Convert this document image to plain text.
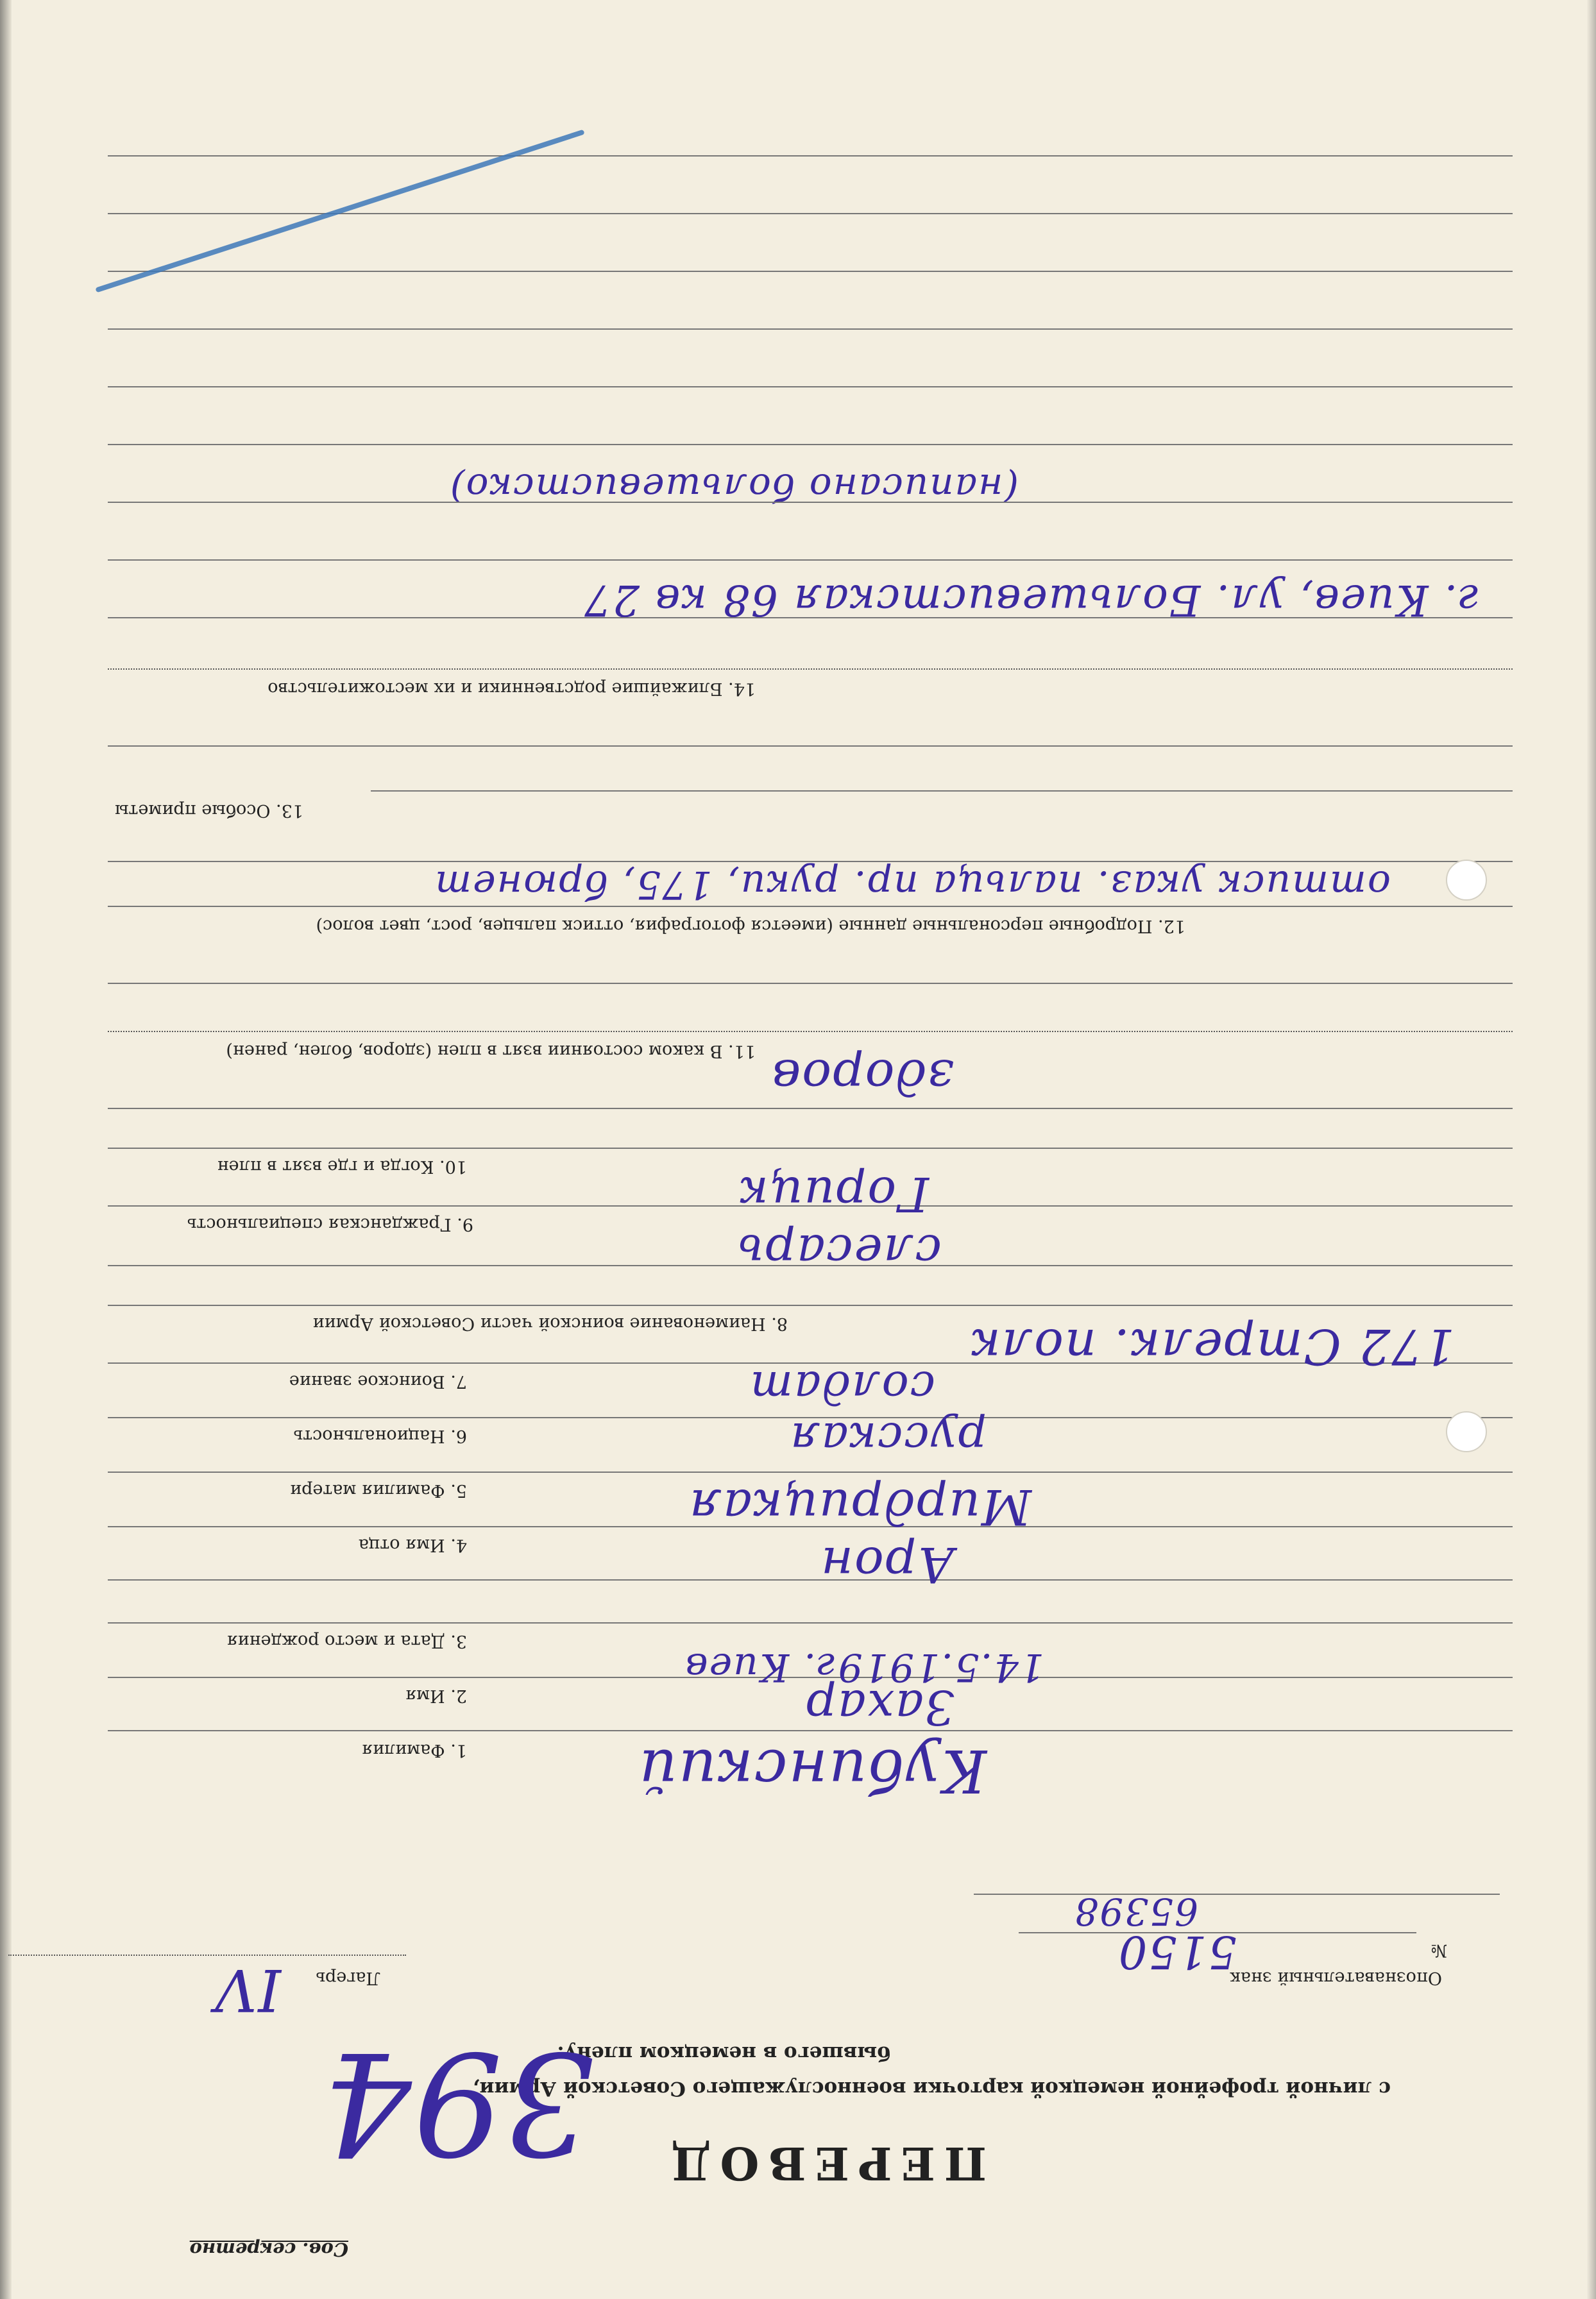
Сов. секретно
ПЕРЕВОД
с личной трофейной немецкой карточки военнослужащего Советской Армии,
бывшего в немецком плену.
Лагерь
IV	Опознавательный знак
№
5150
65398
1. Фамилия	Кубинский
2. Имя	Захар
3. Дата и место рождения
14.5.1919г. Киев
4. Имя отца	Арон
5. Фамилия матери	Мирдрицкая
6. Национальность	русская
7. Воинское звание	солдат
8. Наименование воинской части Советской Армии	172 Стрелк. полк
9. Гражданская специальность	слесарь
10. Когда и где взят в плен	Горицк
11. В каком состоянии взят в плен (здоров, болен, ранен) здоров
12. Подробные персональные данные (имеется фотография, оттиск пальцев, рост, цвет волос)
оттиск указ. пальца пр. руки, 175, брюнет
13. Особые приметы
14. Ближайшие родственники и их местожительство
г. Киев, ул. Большевистская 68 кв 27
(написано большевистско)
394
